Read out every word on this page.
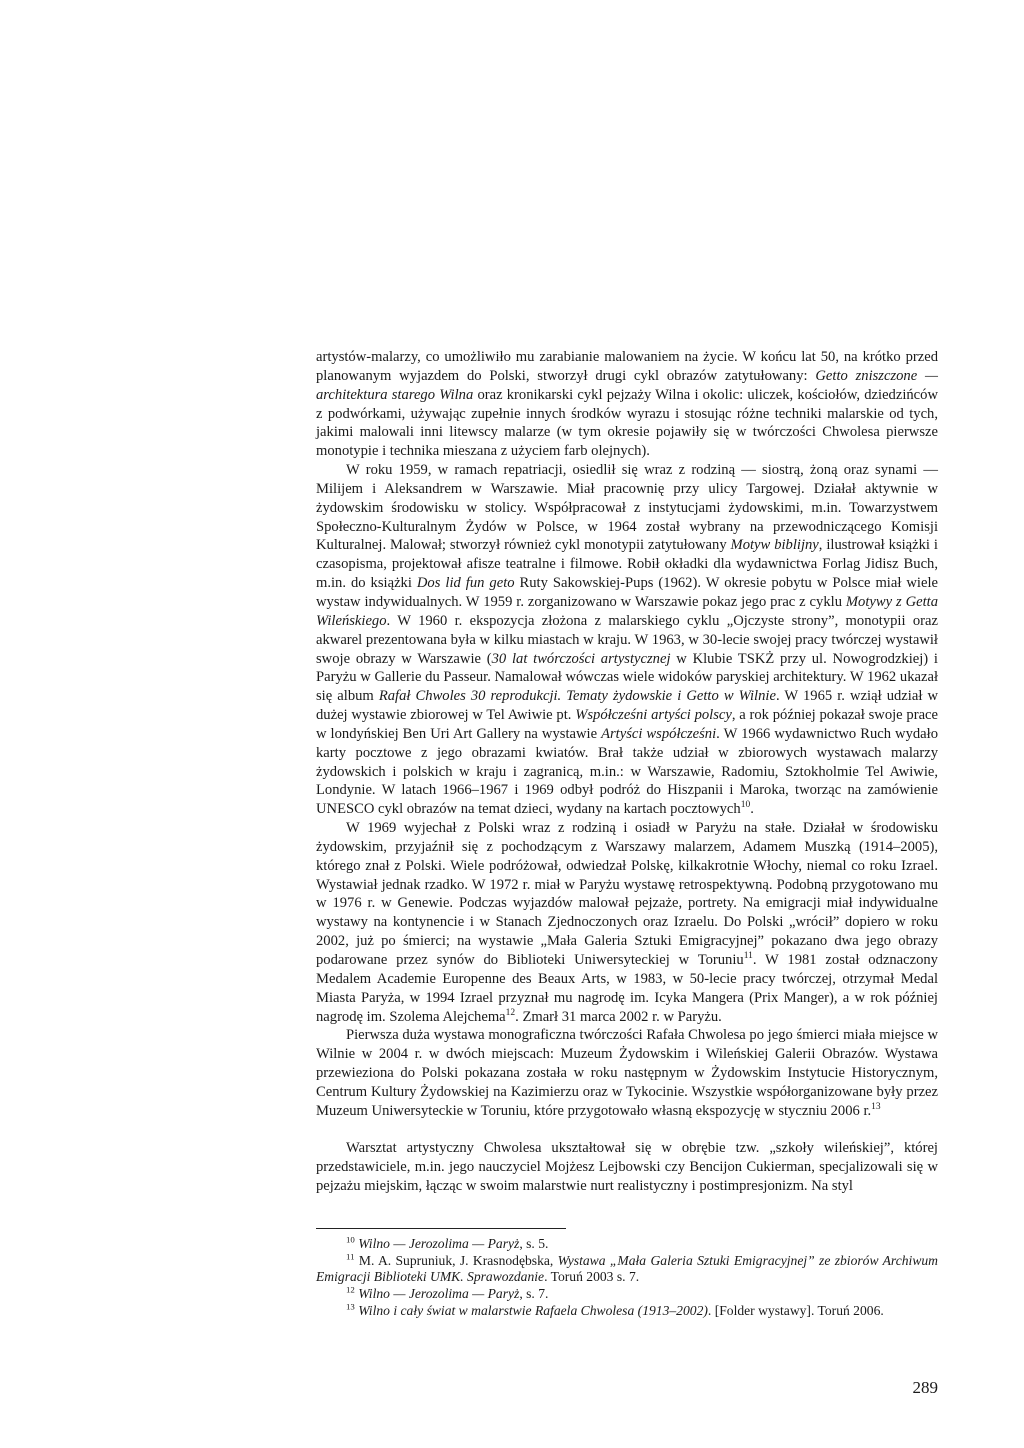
artystów-malarzy, co umożliwiło mu zarabianie malowaniem na życie. W końcu lat 50, na krótko przed planowanym wyjazdem do Polski, stworzył drugi cykl obrazów zatytułowany: Getto zniszczone — architektura starego Wilna oraz kronikarski cykl pejzaży Wilna i okolic: uliczek, kościołów, dziedzińców z podwórkami, używając zupełnie innych środków wyrazu i stosując różne techniki malarskie od tych, jakimi malowali inni litewscy malarze (w tym okresie pojawiły się w twórczości Chwolesa pierwsze monotypie i technika mieszana z użyciem farb olejnych).

W roku 1959, w ramach repatriacji, osiedlił się wraz z rodziną — siostrą, żoną oraz synami — Milijem i Aleksandrem w Warszawie. Miał pracownię przy ulicy Targowej. Działał aktywnie w żydowskim środowisku w stolicy. Współpracował z instytucjami żydowskimi, m.in. Towarzystwem Społeczno-Kulturalnym Żydów w Polsce, w 1964 został wybrany na przewodniczącego Komisji Kulturalnej. Malował; stworzył również cykl monotypii zatytułowany Motyw biblijny, ilustrował książki i czasopisma, projektował afisze teatralne i filmowe. Robił okładki dla wydawnictwa Forlag Jidisz Buch, m.in. do książki Dos lid fun geto Ruty Sakowskiej-Pups (1962). W okresie pobytu w Polsce miał wiele wystaw indywidualnych. W 1959 r. zorganizowano w Warszawie pokaz jego prac z cyklu Motywy z Getta Wileńskiego. W 1960 r. ekspozycja złożona z malarskiego cyklu „Ojczyste strony”, monotypii oraz akwarel prezentowana była w kilku miastach w kraju. W 1963, w 30-lecie swojej pracy twórczej wystawił swoje obrazy w Warszawie (30 lat twórczości artystycznej w Klubie TSKŻ przy ul. Nowogrodzkiej) i Paryżu w Gallerie du Passeur. Namalował wówczas wiele widoków paryskiej architektury. W 1962 ukazał się album Rafał Chwoles 30 reprodukcji. Tematy żydowskie i Getto w Wilnie. W 1965 r. wziął udział w dużej wystawie zbiorowej w Tel Awiwie pt. Współcześni artyści polscy, a rok później pokazał swoje prace w londyńskiej Ben Uri Art Gallery na wystawie Artyści współcześni. W 1966 wydawnictwo Ruch wydało karty pocztowe z jego obrazami kwiatów. Brał także udział w zbiorowych wystawach malarzy żydowskich i polskich w kraju i zagranicą, m.in.: w Warszawie, Radomiu, Sztokholmie Tel Awiwie, Londynie. W latach 1966–1967 i 1969 odbył podróż do Hiszpanii i Maroka, tworząc na zamówienie UNESCO cykl obrazów na temat dzieci, wydany na kartach pocztowych$^{10}$.

W 1969 wyjechał z Polski wraz z rodziną i osiadł w Paryżu na stałe. Działał w środowisku żydowskim, przyjaźnił się z pochodzącym z Warszawy malarzem, Adamem Muszką (1914–2005), którego znał z Polski. Wiele podróżował, odwiedzał Polskę, kilkakrotnie Włochy, niemal co roku Izrael. Wystawiał jednak rzadko. W 1972 r. miał w Paryżu wystawę retrospektywną. Podobną przygotowano mu w 1976 r. w Genewie. Podczas wyjazdów malował pejzaże, portrety. Na emigracji miał indywidualne wystawy na kontynencie i w Stanach Zjednoczonych oraz Izraelu. Do Polski „wrócił” dopiero w roku 2002, już po śmierci; na wystawie „Mała Galeria Sztuki Emigracyjnej” pokazano dwa jego obrazy podarowane przez synów do Biblioteki Uniwersyteckiej w Toruniu$^{11}$. W 1981 został odznaczony Medalem Academie Europenne des Beaux Arts, w 1983, w 50-lecie pracy twórczej, otrzymał Medal Miasta Paryża, w 1994 Izrael przyznał mu nagrodę im. Icyka Mangera (Prix Manger), a w rok później nagrodę im. Szolema Alejchema$^{12}$. Zmarł 31 marca 2002 r. w Paryżu.

Pierwsza duża wystawa monograficzna twórczości Rafała Chwolesa po jego śmierci miała miejsce w Wilnie w 2004 r. w dwóch miejscach: Muzeum Żydowskim i Wileńskiej Galerii Obrazów. Wystawa przewieziona do Polski pokazana została w roku następnym w Żydowskim Instytucie Historycznym, Centrum Kultury Żydowskiej na Kazimierzu oraz w Tykocinie. Wszystkie współorganizowane były przez Muzeum Uniwersyteckie w Toruniu, które przygotowało własną ekspozycję w styczniu 2006 r.$^{13}$

Warsztat artystyczny Chwolesa ukształtował się w obrębie tzw. „szkoły wileńskiej”, której przedstawiciele, m.in. jego nauczyciel Mojżesz Lejbowski czy Bencijon Cukierman, specjalizowali się w pejzażu miejskim, łącząc w swoim malarstwie nurt realistyczny i postimpresjonizm. Na styl

$^{10}$ Wilno — Jerozolima — Paryż, s. 5.

$^{11}$ M. A. Supruniuk, J. Krasnodębska, Wystawa „Mała Galeria Sztuki Emigracyjnej” ze zbiorów Archiwum Emigracji Biblioteki UMK. Sprawozdanie. Toruń 2003 s. 7.

$^{12}$ Wilno — Jerozolima — Paryż, s. 7.

$^{13}$ Wilno i cały świat w malarstwie Rafaela Chwolesa (1913–2002). [Folder wystawy]. Toruń 2006.

289
